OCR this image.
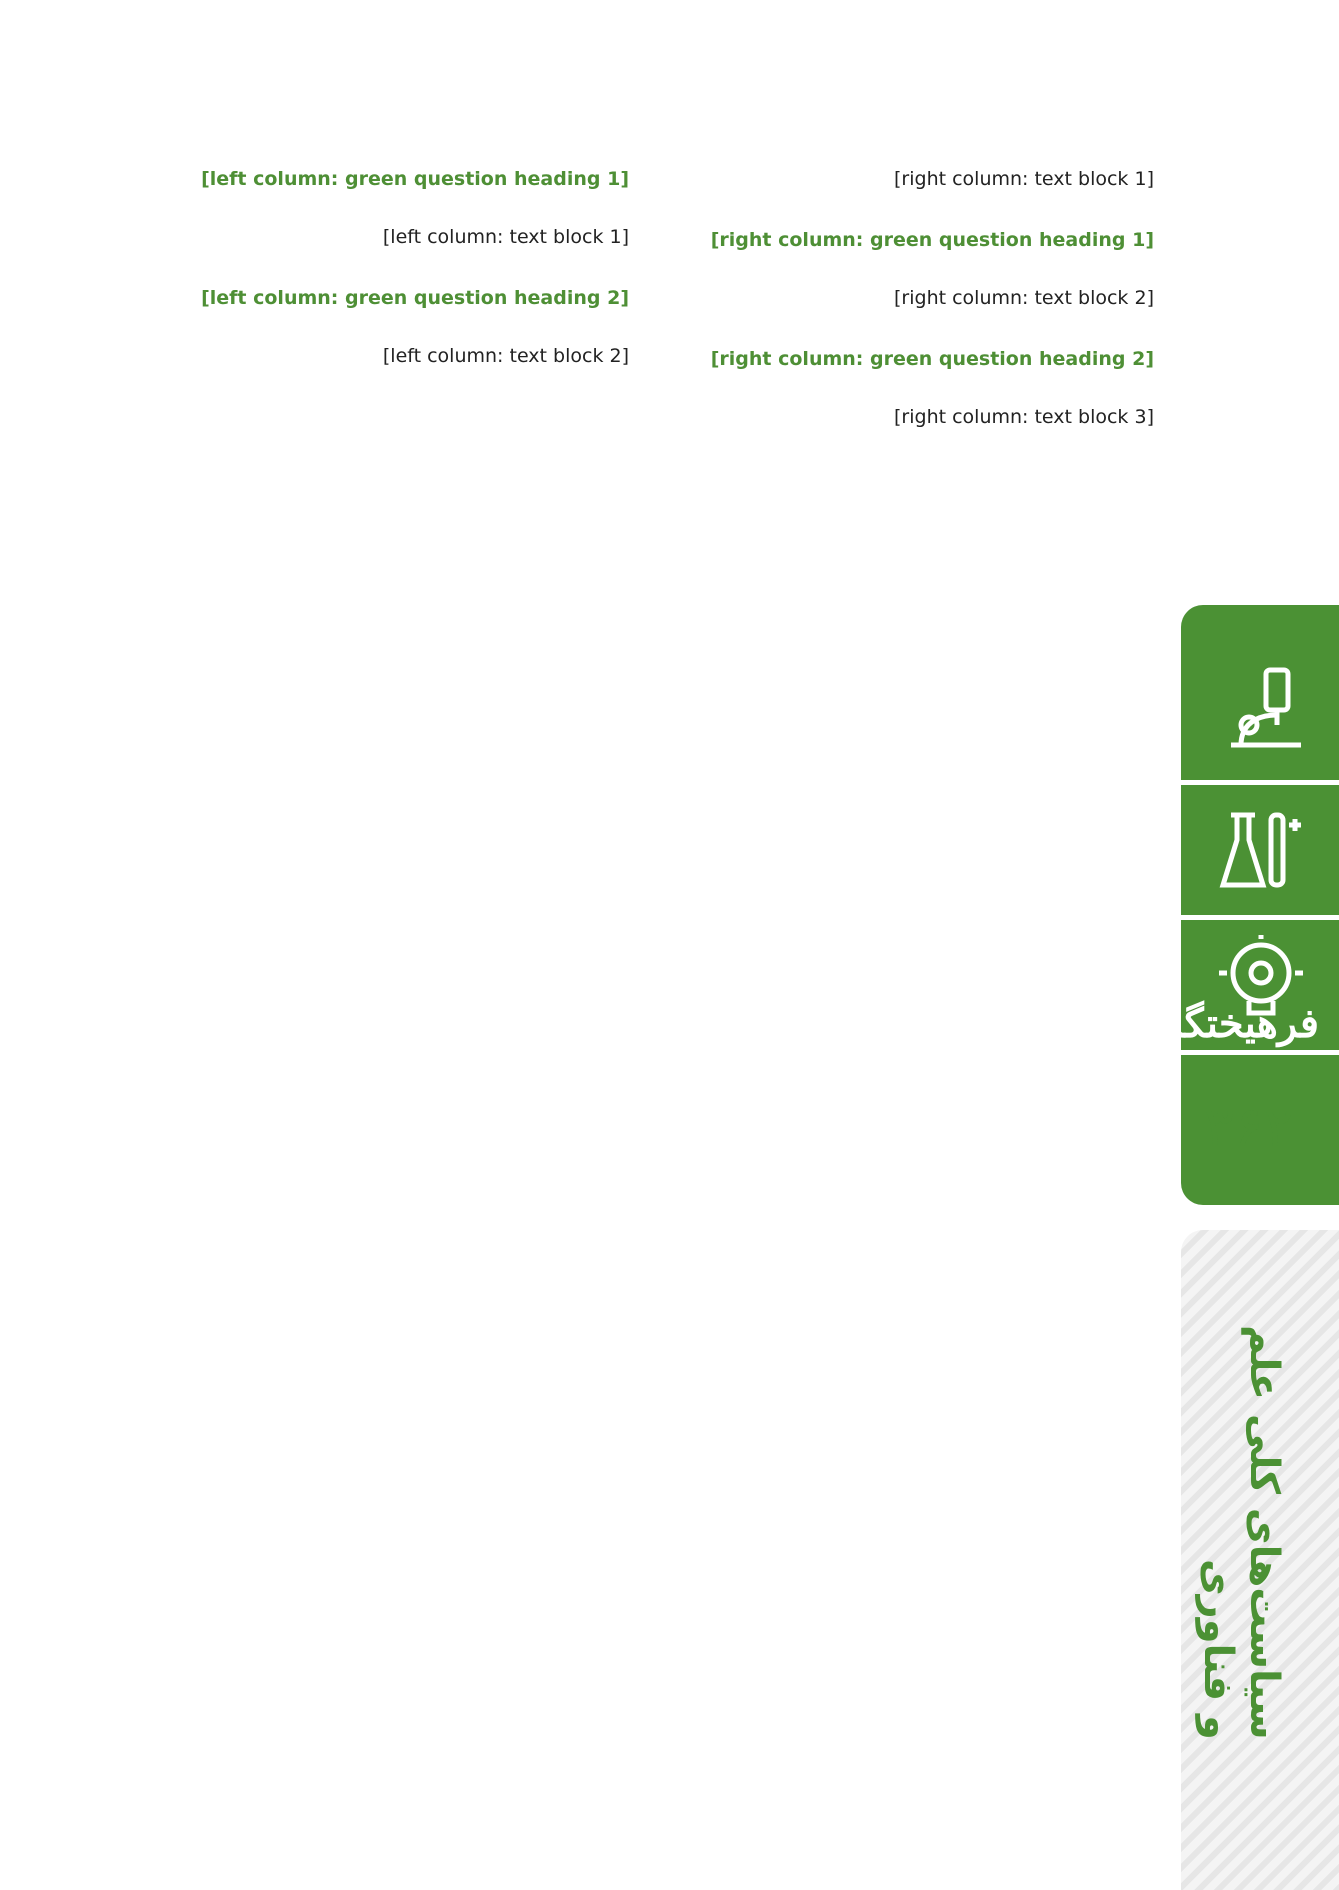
[right column: text block 1]

[right column: green question heading 1]

[right column: text block 2]

[right column: green question heading 2]

[right column: text block 3]

[left column: green question heading 1]

[left column: text block 1]

[left column: green question heading 2]

[left column: text block 2]

فرهیختگان
۳۶۲
سیاست‌های کلی علم و فناوری
